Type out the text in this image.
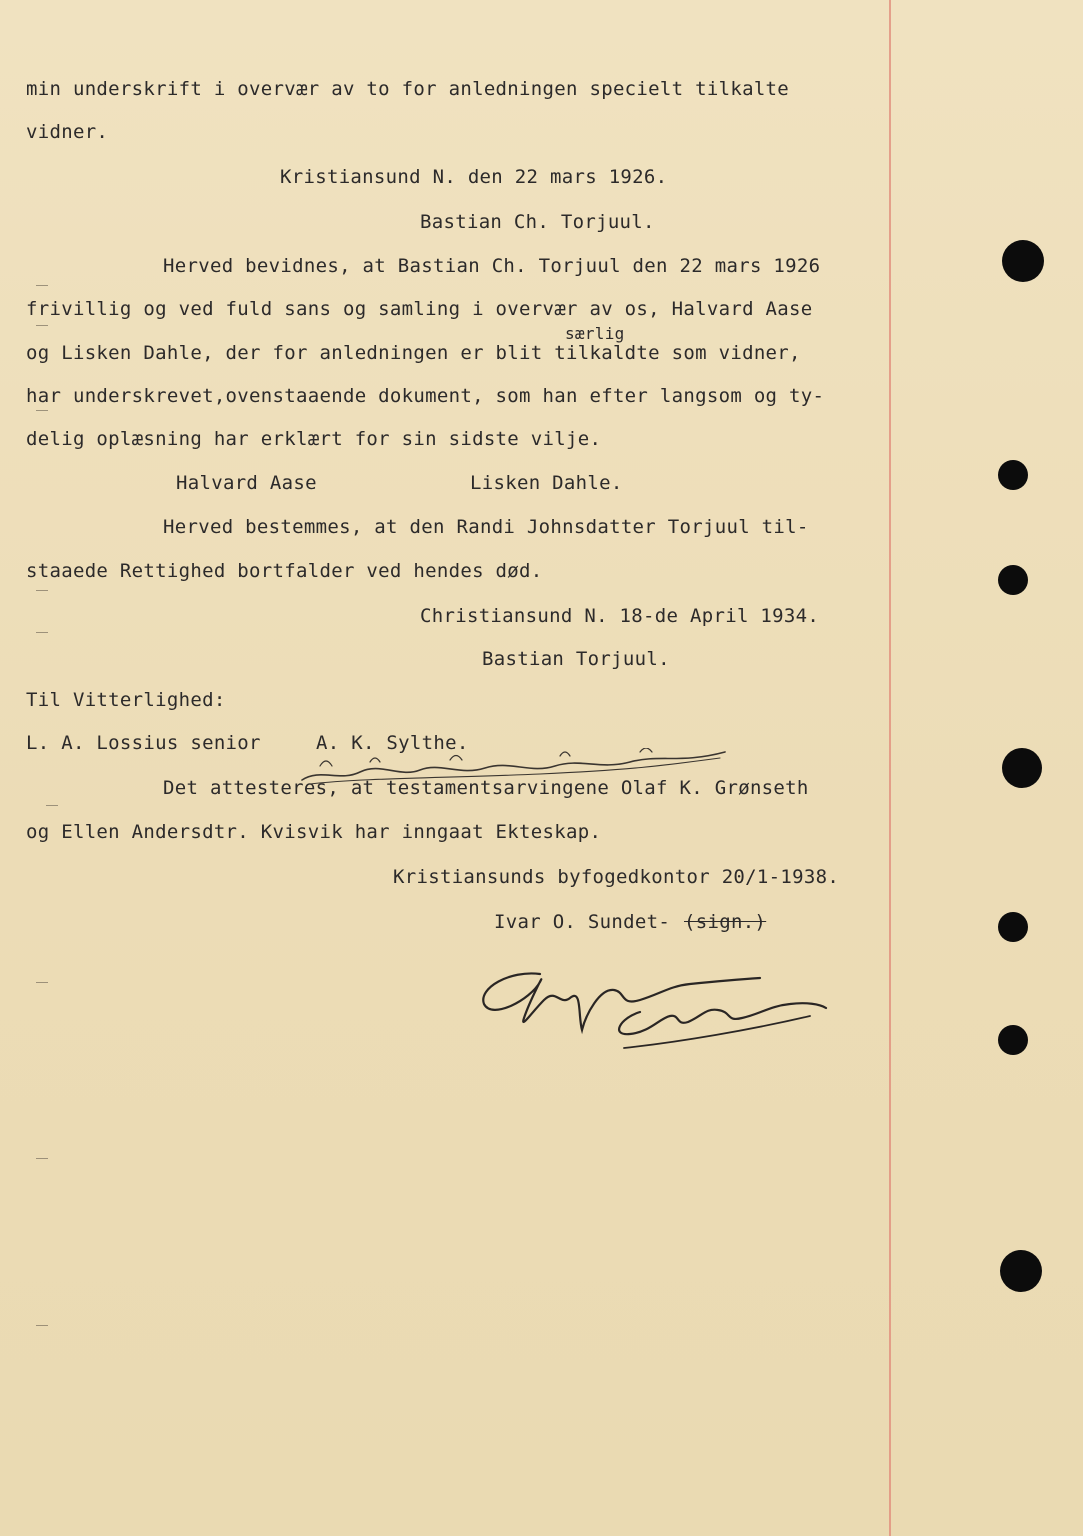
min underskrift i overvær av to for anledningen specielt tilkalte
vidner.
Kristiansund N. den 22 mars 1926.
Bastian Ch. Torjuul.
Herved bevidnes, at Bastian Ch. Torjuul den 22 mars 1926
frivillig og ved fuld sans og samling i overvær av os, Halvard Aase
særlig
og Lisken Dahle, der for anledningen er blit tilkaldte som vidner,
har underskrevet,ovenstaaende dokument, som han efter langsom og ty-
delig oplæsning har erklært for sin sidste vilje.
Halvard Aase	Lisken Dahle.
Herved bestemmes, at den Randi Johnsdatter Torjuul til-
staaede Rettighed bortfalder ved hendes død.
Christiansund N. 18-de April 1934.
Bastian Torjuul.
Til Vitterlighed:
L. A. Lossius senior	A. K. Sylthe.
Det attesteres, at testamentsarvingene Olaf K. Grønseth
og Ellen Andersdtr. Kvisvik har inngaat Ekteskap.
Kristiansunds byfogedkontor 20/1-1938.
Ivar O. Sundet- (sign.)
